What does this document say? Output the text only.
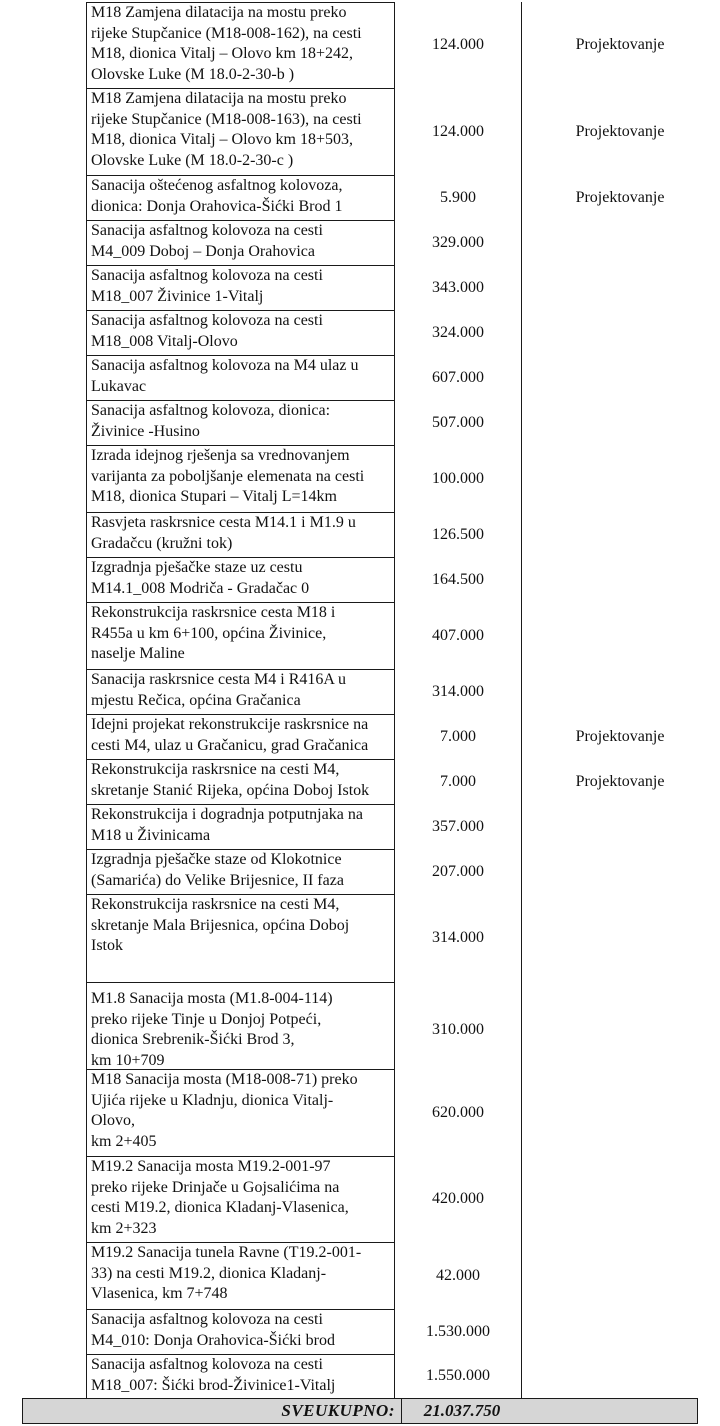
M18 Zamjena dilatacija na mostu preko
rijeke Stupčanice (M18-008-162), na cesti
M18, dionica Vitalj – Olovo km 18+242,
Olovske Luke (M 18.0-2-30-b )
124.000	Projektovanje
M18 Zamjena dilatacija na mostu preko
rijeke Stupčanice (M18-008-163), na cesti
M18, dionica Vitalj – Olovo km 18+503,
Olovske Luke (M 18.0-2-30-c )
124.000	Projektovanje
Sanacija oštećenog asfaltnog kolovoza,
dionica: Donja Orahovica-Šićki Brod 1
5.900	Projektovanje
Sanacija asfaltnog kolovoza na cesti
M4_009 Doboj – Donja Orahovica
329.000
Sanacija asfaltnog kolovoza na cesti
M18_007 Živinice 1-Vitalj
343.000
Sanacija asfaltnog kolovoza na cesti
M18_008 Vitalj-Olovo
324.000
Sanacija asfaltnog kolovoza na M4 ulaz u
Lukavac
607.000
Sanacija asfaltnog kolovoza, dionica:
Živinice -Husino
507.000
Izrada idejnog rješenja sa vrednovanjem
varijanta za poboljšanje elemenata na cesti
M18, dionica Stupari – Vitalj L=14km
100.000
Rasvjeta raskrsnice cesta M14.1 i M1.9 u
Gradačcu (kružni tok)
126.500
Izgradnja pješačke staze uz cestu
M14.1_008 Modriča - Gradačac 0
164.500
Rekonstrukcija raskrsnice cesta M18 i
R455a u km 6+100, općina Živinice,
naselje Maline
407.000
Sanacija raskrsnice cesta M4 i R416A u
mjestu Rečica, općina Gračanica
314.000
Idejni projekat rekonstrukcije raskrsnice na
cesti M4, ulaz u Gračanicu, grad Gračanica
7.000	Projektovanje
Rekonstrukcija raskrsnice na cesti M4,
skretanje Stanić Rijeka, općina Doboj Istok
7.000	Projektovanje
Rekonstrukcija i dogradnja potputnjaka na
M18 u Živinicama
357.000
Izgradnja pješačke staze od Klokotnice
(Samarića) do Velike Brijesnice, II faza
207.000
Rekonstrukcija raskrsnice na cesti M4,
skretanje Mala Brijesnica, općina Doboj
Istok	314.000
M1.8 Sanacija mosta (M1.8-004-114)
preko rijeke Tinje u Donjoj Potpeći,
dionica Srebrenik-Šićki Brod 3,
km 10+709
310.000
M18 Sanacija mosta (M18-008-71) preko
Ujića rijeke u Kladnju, dionica Vitalj-
Olovo,
km 2+405
620.000
M19.2 Sanacija mosta M19.2-001-97
preko rijeke Drinjače u Gojsalićima na
cesti M19.2, dionica Kladanj-Vlasenica,
km 2+323
420.000
M19.2 Sanacija tunela Ravne (T19.2-001-
33) na cesti M19.2, dionica Kladanj-
Vlasenica, km 7+748
42.000
Sanacija asfaltnog kolovoza na cesti
M4_010: Donja Orahovica-Šićki brod
1.530.000
Sanacija asfaltnog kolovoza na cesti
M18_007: Šićki brod-Živinice1-Vitalj
1.550.000
SVEUKUPNO:	21.037.750
